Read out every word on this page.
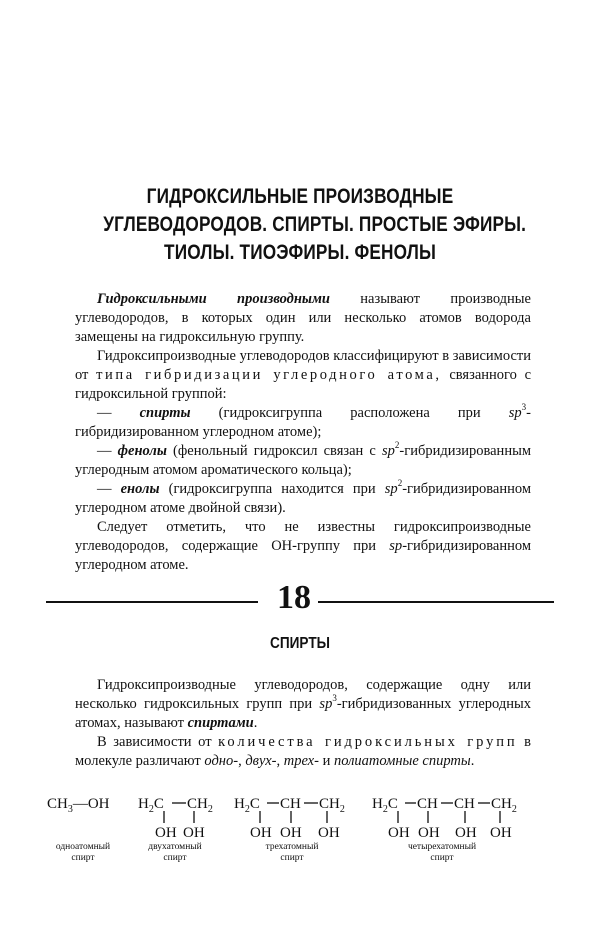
ГИДРОКСИЛЬНЫЕ ПРОИЗВОДНЫЕ
УГЛЕВОДОРОДОВ. СПИРТЫ. ПРОСТЫЕ ЭФИРЫ.
ТИОЛЫ. ТИОЭФИРЫ. ФЕНОЛЫ

Гидроксильными производными называют производные углеводородов, в которых один или несколько атомов водорода замещены на гидроксильную группу.

Гидроксипроизводные углеводородов классифицируют в зависимости от типа гибридизации углеродного атома, связанного с гидроксильной группой:

— спирты (гидроксигруппа расположена при $sp^3$-гибридизированном углеродном атоме);

— фенолы (фенольный гидроксил связан с $sp^2$-гибридизированным углеродным атомом ароматического кольца);

— енолы (гидроксигруппа находится при $sp^2$-гибридизированном углеродном атоме двойной связи).

Следует отметить, что не известны гидроксипроизводные углеводородов, содержащие ОН-группу при sp-гибридизированном углеродном атоме.

18
СПИРТЫ

Гидроксипроизводные углеводородов, содержащие одну или несколько гидроксильных групп при $sp^3$-гибридизованных углеродных атомах, называют спиртами.

В зависимости от количества гидроксильных групп в молекуле различают одно-, двух-, трех- и полиатомные спирты.

$CH_3—OH$ $H_2C$ $CH_2$
OH OH
$H_2C$ CH $CH_2$
OH OH OH
$H_2C$ CH CH $CH_2$
OH OH OH OH
одноатомный
спирт
двухатомный
спирт
трехатомный
спирт
четырехатомный
спирт
